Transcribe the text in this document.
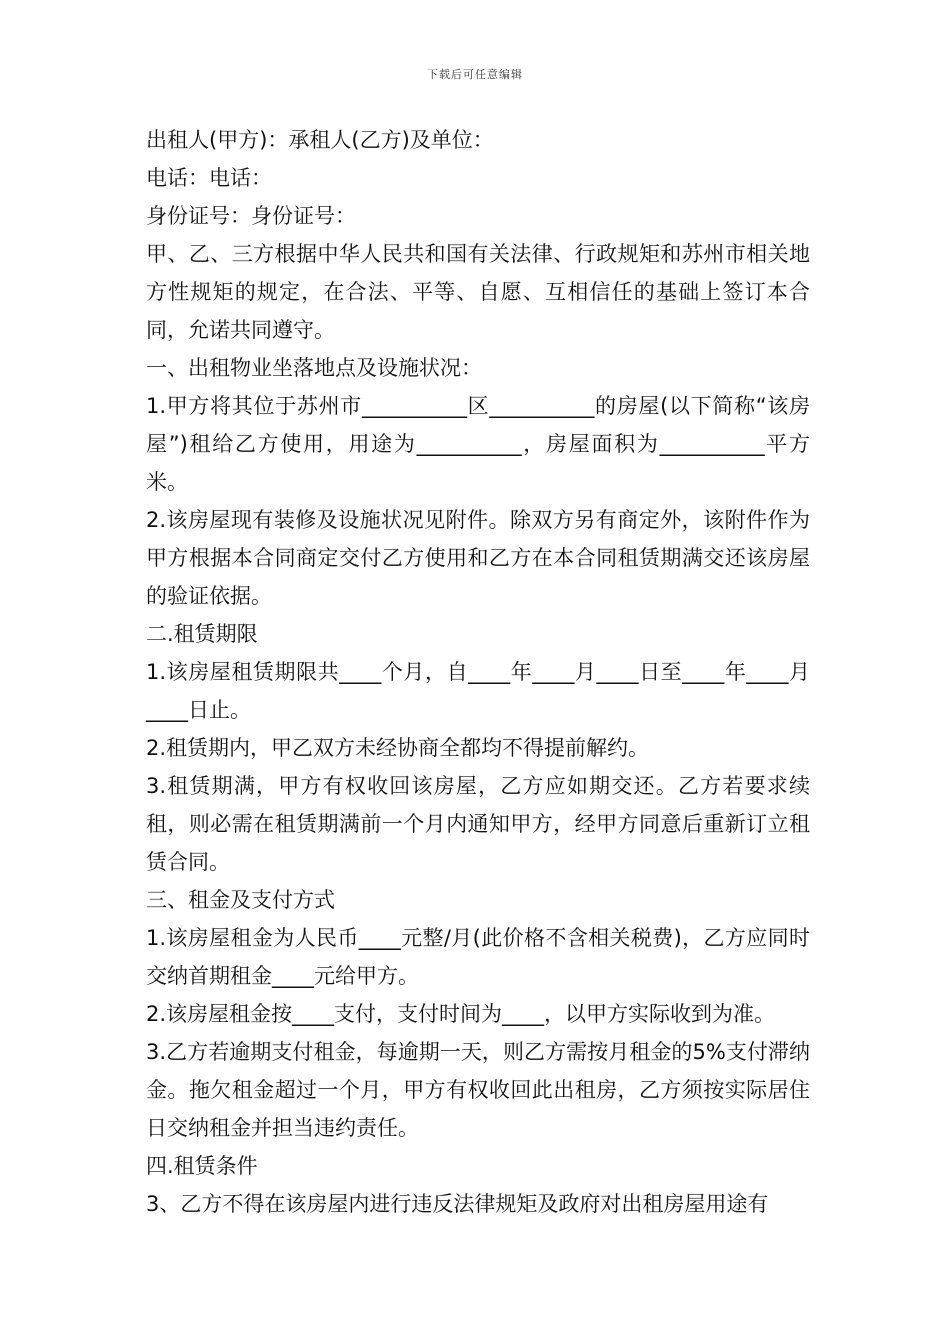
下载后可任意编辑

出租人(甲方)：承租人(乙方)及单位：

电话：电话：

身份证号：身份证号：

甲、乙、三方根据中华人民共和国有关法律、行政规矩和苏州市相关地方性规矩的规定，在合法、平等、自愿、互相信任的基础上签订本合同，允诺共同遵守。

一、出租物业坐落地点及设施状况：

1.甲方将其位于苏州市__________区__________的房屋(以下简称“该房屋”)租给乙方使用，用途为__________，房屋面积为__________平方米。

2.该房屋现有装修及设施状况见附件。除双方另有商定外，该附件作为甲方根据本合同商定交付乙方使用和乙方在本合同租赁期满交还该房屋的验证依据。

二.租赁期限

1.该房屋租赁期限共____个月，自____年____月____日至____年____月____日止。

2.租赁期内，甲乙双方未经协商全都均不得提前解约。

3.租赁期满，甲方有权收回该房屋，乙方应如期交还。乙方若要求续租，则必需在租赁期满前一个月内通知甲方，经甲方同意后重新订立租赁合同。

三、租金及支付方式

1.该房屋租金为人民币____元整/月(此价格不含相关税费)，乙方应同时交纳首期租金____元给甲方。

2.该房屋租金按____支付，支付时间为____，以甲方实际收到为准。

3.乙方若逾期支付租金，每逾期一天，则乙方需按月租金的5%支付滞纳金。拖欠租金超过一个月，甲方有权收回此出租房，乙方须按实际居住日交纳租金并担当违约责任。

四.租赁条件

3、乙方不得在该房屋内进行违反法律规矩及政府对出租房屋用途有
